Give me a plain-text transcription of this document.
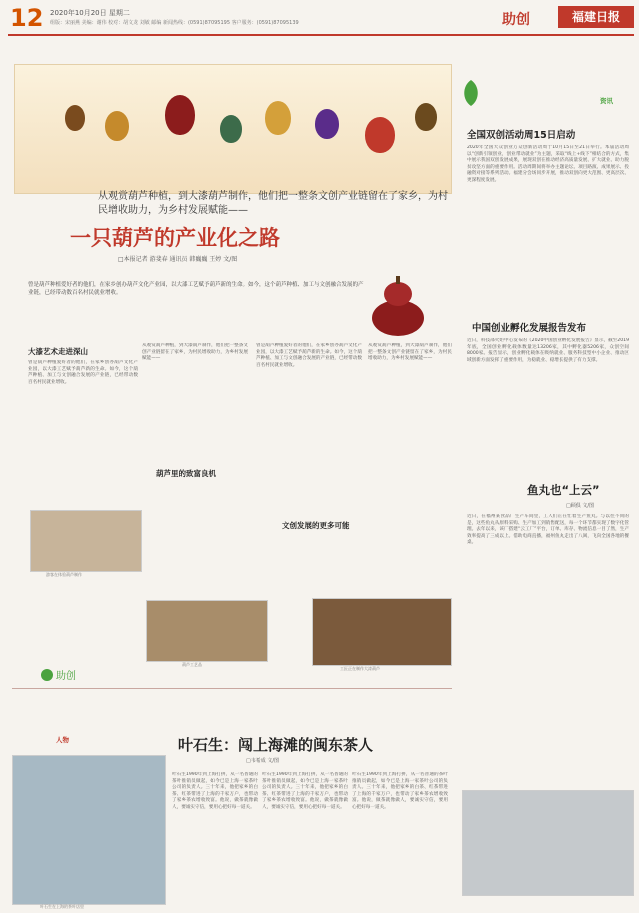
12 2020年10月20日 星期二
组版：宋丽燕 美编：谢伟 校对：胡文龙 刘敏 邮编 新闻热线：(0591)87095195 客户服务：(0591)87095139	助创	福建日报
资讯
从观赏葫芦种植，到大漆葫芦制作，他们把一整条文创产业链留在了家乡，为村民增收助力，为乡村发展赋能——
一只葫芦的产业化之路
□本报记者 游斐春 通讯员 韩巍巍 王婷 文/图
曾是葫芦种植爱好者的他们，在家乡创办葫芦文化产业园，以大漆工艺赋予葫芦新的生命。如今，这个葫芦种植、加工与文创融合发展的产业链，已经带动数百名村民就业增收。
大漆艺术走进深山
曾是葫芦种植爱好者的他们，在家乡创办葫芦文化产业园，以大漆工艺赋予葫芦新的生命。如今，这个葫芦种植、加工与文创融合发展的产业链，已经带动数百名村民就业增收。
从观赏葫芦种植，到大漆葫芦制作，他们把一整条文创产业链留在了家乡，为村民增收助力，为乡村发展赋能——
曾是葫芦种植爱好者的他们，在家乡创办葫芦文化产业园，以大漆工艺赋予葫芦新的生命。如今，这个葫芦种植、加工与文创融合发展的产业链，已经带动数百名村民就业增收。
从观赏葫芦种植，到大漆葫芦制作，他们把一整条文创产业链留在了家乡，为村民增收助力，为乡村发展赋能——
葫芦里的致富良机
文创发展的更多可能
游客在体验葫芦制作
葫芦工艺品
工匠正在制作大漆葫芦
助创
全国双创活动周15日启动
2020年全国大众创业万众创新活动周于10月15日至21日举行。本届活动周以“创新引领创业，创业带动就业”为主题，采取“线上+线下”相结合的方式，集中展示我国双创发展成果，展现双创在推动经济高质量发展、扩大就业、助力脱贫攻坚方面的重要作用。活动周期间将举办主题论坛、项目路演、成果展示、投融资对接等系列活动。福建分会场同步开展，推动双创向更大范围、更高层次、更深程度发展。
中国创业孵化发展报告发布
近日，科技部火炬中心发布的《2020中国创业孵化发展报告》显示，截至2019年底，全国创业孵化载体数量达13206家，其中孵化器5206家，众创空间8000家。报告显示，创业孵化载体在吸纳就业、服务科技型中小企业、推动区域创新方面发挥了重要作用，为稳就业、稳增长提供了有力支撑。
鱼丸也“上云”
□顾俱 文/图
近日，在福州某食品厂生产车间里，工人们正在忙着生产鱼丸。与以往不同的是，这些鱼丸从原料采购、生产加工到销售配送，每一个环节都实现了数字化管理。去年以来，该厂搭建“云工厂”平台，订单、库存、物流信息一目了然，生产效率提高了三成以上。借助电商直播，福州鱼丸走出了八闽，飞向全国各地的餐桌。
人物	叶石生：闯上海滩的闽东茶人
□韦希成 文/图
叶石生在上海的茶叶店里
叶石生1990年到上海打拼，从一名普通的茶叶推销员做起，如今已是上海一家茶叶公司的负责人。三十年来，他把家乡的白茶、红茶带进了上海的千家万户，也带动了家乡茶农增收致富。他说，做茶就像做人，要诚实守信，要用心把好每一道关。
叶石生1990年到上海打拼，从一名普通的茶叶推销员做起，如今已是上海一家茶叶公司的负责人。三十年来，他把家乡的白茶、红茶带进了上海的千家万户，也带动了家乡茶农增收致富。他说，做茶就像做人，要诚实守信，要用心把好每一道关。
叶石生1990年到上海打拼，从一名普通的茶叶推销员做起，如今已是上海一家茶叶公司的负责人。三十年来，他把家乡的白茶、红茶带进了上海的千家万户，也带动了家乡茶农增收致富。他说，做茶就像做人，要诚实守信，要用心把好每一道关。
